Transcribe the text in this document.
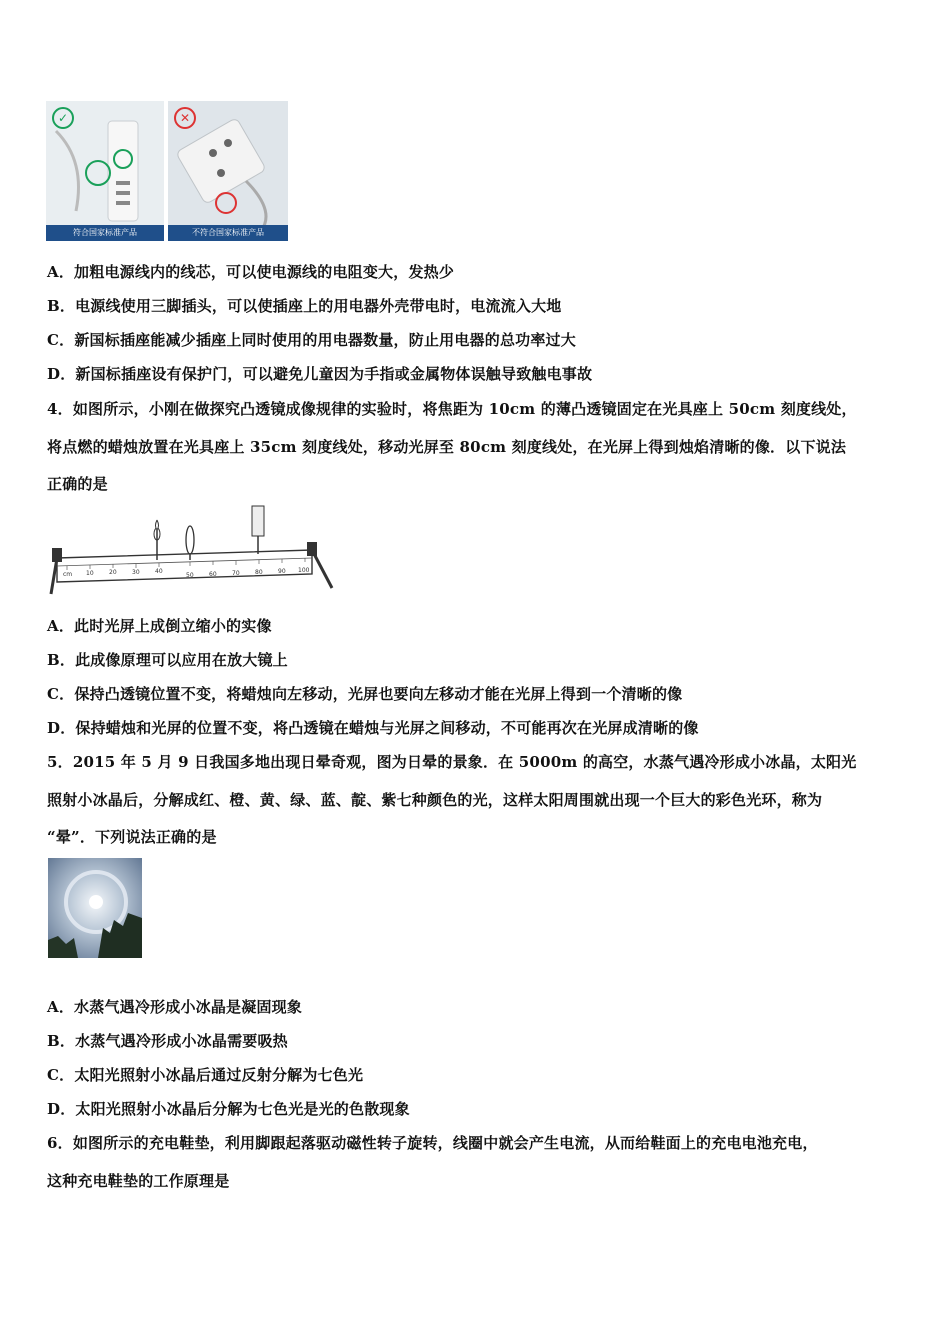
✓	✕
符合国家标准产品	不符合国家标准产品
A．加粗电源线内的线芯，可以使电源线的电阻变大，发热少
B．电源线使用三脚插头，可以使插座上的用电器外壳带电时，电流流入大地
C．新国标插座能减少插座上同时使用的用电器数量，防止用电器的总功率过大
D．新国标插座设有保护门，可以避免儿童因为手指或金属物体误触导致触电事故
4．如图所示，小刚在做探究凸透镜成像规律的实验时，将焦距为 10cm 的薄凸透镜固定在光具座上 50cm 刻度线处，
将点燃的蜡烛放置在光具座上 35cm 刻度线处，移动光屏至 80cm 刻度线处，在光屏上得到烛焰清晰的像．以下说法
正确的是
cm 10	20	30	40
50	60	70	80	90 100
A．此时光屏上成倒立缩小的实像
B．此成像原理可以应用在放大镜上
C．保持凸透镜位置不变，将蜡烛向左移动，光屏也要向左移动才能在光屏上得到一个清晰的像
D．保持蜡烛和光屏的位置不变，将凸透镜在蜡烛与光屏之间移动，不可能再次在光屏成清晰的像
5．2015 年 5 月 9 日我国多地出现日晕奇观，图为日晕的景象．在 5000m 的高空，水蒸气遇冷形成小冰晶，太阳光
照射小冰晶后，分解成红、橙、黄、绿、蓝、靛、紫七种颜色的光，这样太阳周围就出现一个巨大的彩色光环，称为
“晕”．下列说法正确的是
A．水蒸气遇冷形成小冰晶是凝固现象
B．水蒸气遇冷形成小冰晶需要吸热
C．太阳光照射小冰晶后通过反射分解为七色光
D．太阳光照射小冰晶后分解为七色光是光的色散现象
6．如图所示的充电鞋垫，利用脚跟起落驱动磁性转子旋转，线圈中就会产生电流，从而给鞋面上的充电电池充电，
这种充电鞋垫的工作原理是
